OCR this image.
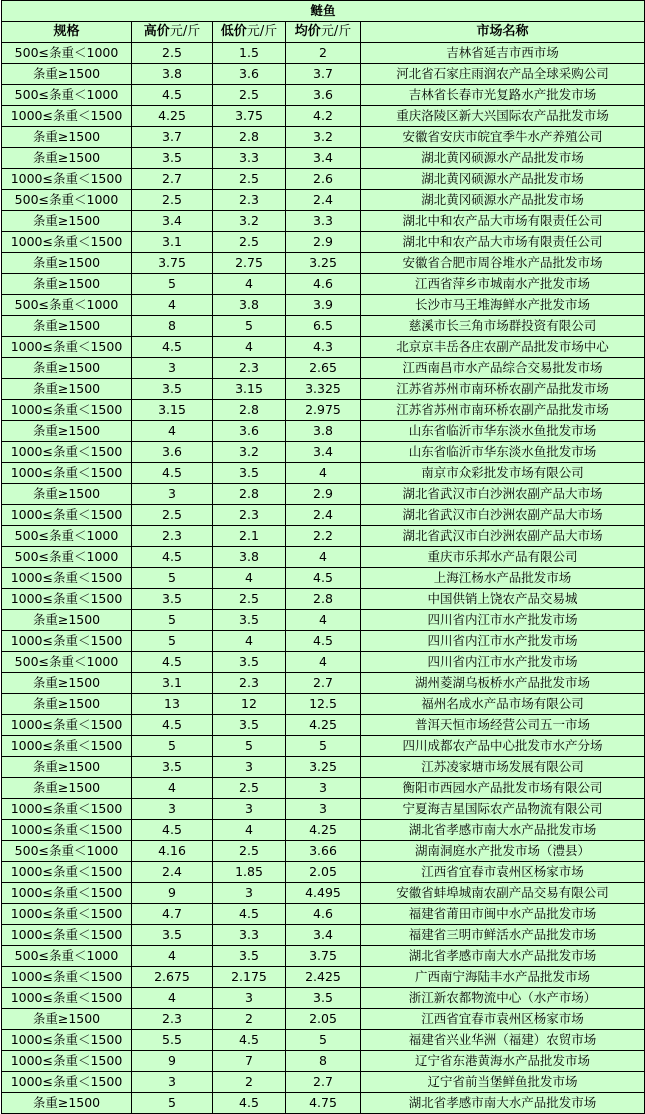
鲢鱼				
规格	高价元/斤	低价元/斤	均价元/斤	市场名称
500≤条重＜1000	2.5	1.5	2	吉林省延吉市西市场
条重≥1500	3.8	3.6	3.7	河北省石家庄雨润农产品全球采购公司
500≤条重＜1000	4.5	2.5	3.6	吉林省长春市光复路水产批发市场
1000≤条重＜1500	4.25	3.75	4.2	重庆洛陵区新大兴国际农产品批发市场
条重≥1500	3.7	2.8	3.2	安徽省安庆市皖宜季牛水产养殖公司
条重≥1500	3.5	3.3	3.4	湖北黄冈硕源水产品批发市场
1000≤条重＜1500	2.7	2.5	2.6	湖北黄冈硕源水产品批发市场
500≤条重＜1000	2.5	2.3	2.4	湖北黄冈硕源水产品批发市场
条重≥1500	3.4	3.2	3.3	湖北中和农产品大市场有限责任公司
1000≤条重＜1500	3.1	2.5	2.9	湖北中和农产品大市场有限责任公司
条重≥1500	3.75	2.75	3.25	安徽省合肥市周谷堆水产品批发市场
条重≥1500	5	4	4.6	江西省萍乡市城南水产批发市场
500≤条重＜1000	4	3.8	3.9	长沙市马王堆海鲜水产批发市场
条重≥1500	8	5	6.5	慈溪市长三角市场群投资有限公司
1000≤条重＜1500	4.5	4	4.3	北京京丰岳各庄农副产品批发市场中心
条重≥1500	3	2.3	2.65	江西南昌市水产品综合交易批发市场
条重≥1500	3.5	3.15	3.325	江苏省苏州市南环桥农副产品批发市场
1000≤条重＜1500	3.15	2.8	2.975	江苏省苏州市南环桥农副产品批发市场
条重≥1500	4	3.6	3.8	山东省临沂市华东淡水鱼批发市场
1000≤条重＜1500	3.6	3.2	3.4	山东省临沂市华东淡水鱼批发市场
1000≤条重＜1500	4.5	3.5	4	南京市众彩批发市场有限公司
条重≥1500	3	2.8	2.9	湖北省武汉市白沙洲农副产品大市场
1000≤条重＜1500	2.5	2.3	2.4	湖北省武汉市白沙洲农副产品大市场
500≤条重＜1000	2.3	2.1	2.2	湖北省武汉市白沙洲农副产品大市场
500≤条重＜1000	4.5	3.8	4	重庆市乐邦水产品有限公司
1000≤条重＜1500	5	4	4.5	上海江杨水产品批发市场
1000≤条重＜1500	3.5	2.5	2.8	中国供销上饶农产品交易城
条重≥1500	5	3.5	4	四川省内江市水产批发市场
1000≤条重＜1500	5	4	4.5	四川省内江市水产批发市场
500≤条重＜1000	4.5	3.5	4	四川省内江市水产批发市场
条重≥1500	3.1	2.3	2.7	湖州菱湖乌板桥水产品批发市场
条重≥1500	13	12	12.5	福州名成水产品市场有限公司
1000≤条重＜1500	4.5	3.5	4.25	普洱天恒市场经营公司五一市场
1000≤条重＜1500	5	5	5	四川成都农产品中心批发市水产分场
条重≥1500	3.5	3	3.25	江苏凌家塘市场发展有限公司
条重≥1500	4	2.5	3	衡阳市西园水产品批发市场有限公司
1000≤条重＜1500	3	3	3	宁夏海吉星国际农产品物流有限公司
1000≤条重＜1500	4.5	4	4.25	湖北省孝感市南大水产品批发市场
500≤条重＜1000	4.16	2.5	3.66	湖南洞庭水产批发市场（澧县）
1000≤条重＜1500	2.4	1.85	2.05	江西省宜春市袁州区杨家市场
1000≤条重＜1500	9	3	4.495	安徽省蚌埠城南农副产品交易有限公司
1000≤条重＜1500	4.7	4.5	4.6	福建省莆田市闽中水产品批发市场
1000≤条重＜1500	3.5	3.3	3.4	福建省三明市鲜活水产品批发市场
500≤条重＜1000	4	3.5	3.75	湖北省孝感市南大水产品批发市场
1000≤条重＜1500	2.675	2.175	2.425	广西南宁海陆丰水产品批发市场
1000≤条重＜1500	4	3	3.5	浙江新农都物流中心（水产市场）
条重≥1500	2.3	2	2.05	江西省宜春市袁州区杨家市场
1000≤条重＜1500	5.5	4.5	5	福建省兴业华洲（福建）农贸市场
1000≤条重＜1500	9	7	8	辽宁省东港黄海水产品批发市场
1000≤条重＜1500	3	2	2.7	辽宁省前当堡鲜鱼批发市场
条重≥1500	5	4.5	4.75	湖北省孝感市南大水产品批发市场
